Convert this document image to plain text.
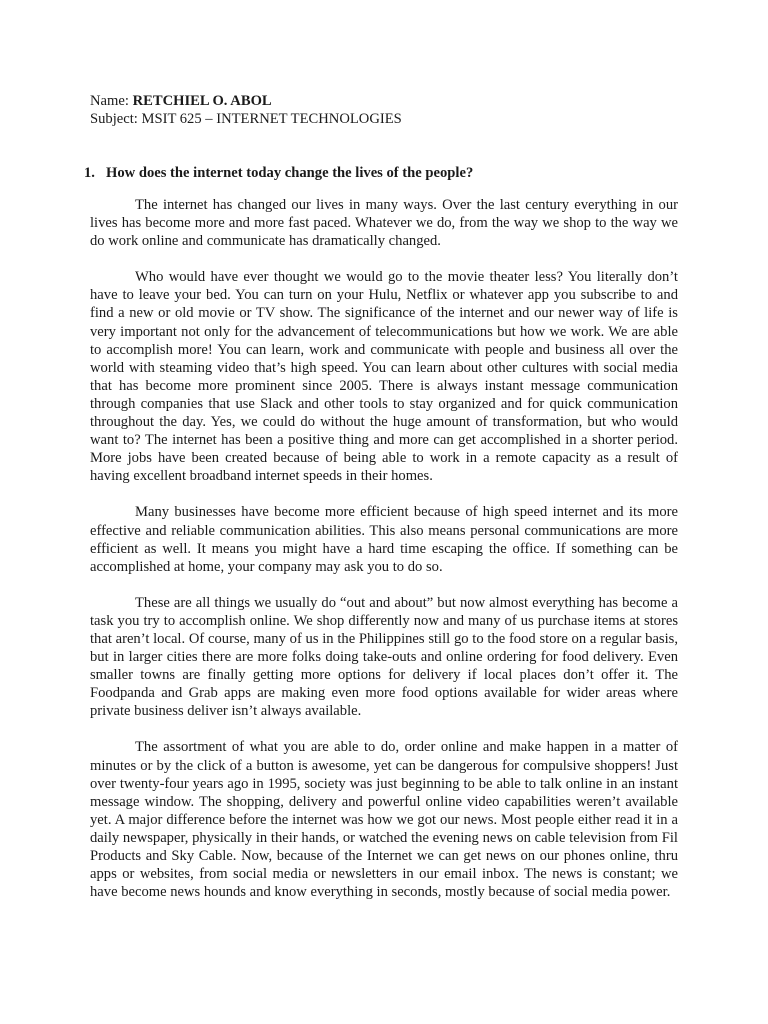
Name: RETCHIEL O. ABOL

Subject: MSIT 625 – INTERNET TECHNOLOGIES

1. How does the internet today change the lives of the people?

The internet has changed our lives in many ways. Over the last century everything in our lives has become more and more fast paced. Whatever we do, from the way we shop to the way we do work online and communicate has dramatically changed.

Who would have ever thought we would go to the movie theater less? You literally don’t have to leave your bed. You can turn on your Hulu, Netflix or whatever app you subscribe to and find a new or old movie or TV show. The significance of the internet and our newer way of life is very important not only for the advancement of telecommunications but how we work. We are able to accomplish more! You can learn, work and communicate with people and business all over the world with steaming video that’s high speed. You can learn about other cultures with social media that has become more prominent since 2005. There is always instant message communication through companies that use Slack and other tools to stay organized and for quick communication throughout the day. Yes, we could do without the huge amount of transformation, but who would want to? The internet has been a positive thing and more can get accomplished in a shorter period. More jobs have been created because of being able to work in a remote capacity as a result of having excellent broadband internet speeds in their homes.

Many businesses have become more efficient because of high speed internet and its more effective and reliable communication abilities. This also means personal communications are more efficient as well. It means you might have a hard time escaping the office. If something can be accomplished at home, your company may ask you to do so.

These are all things we usually do “out and about” but now almost everything has become a task you try to accomplish online. We shop differently now and many of us purchase items at stores that aren’t local. Of course, many of us in the Philippines still go to the food store on a regular basis, but in larger cities there are more folks doing take-outs and online ordering for food delivery. Even smaller towns are finally getting more options for delivery if local places don’t offer it. The Foodpanda and Grab apps are making even more food options available for wider areas where private business deliver isn’t always available.

The assortment of what you are able to do, order online and make happen in a matter of minutes or by the click of a button is awesome, yet can be dangerous for compulsive shoppers! Just over twenty-four years ago in 1995, society was just beginning to be able to talk online in an instant message window. The shopping, delivery and powerful online video capabilities weren’t available yet. A major difference before the internet was how we got our news. Most people either read it in a daily newspaper, physically in their hands, or watched the evening news on cable television from Fil Products and Sky Cable. Now, because of the Internet we can get news on our phones online, thru apps or websites, from social media or newsletters in our email inbox. The news is constant; we have become news hounds and know everything in seconds, mostly because of social media power.
